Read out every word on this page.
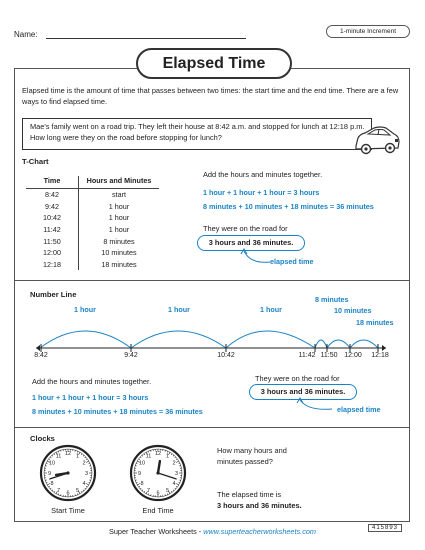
Name:	1-minute Increment
Elapsed Time
Elapsed time is the amount of time that passes between two times: the start time and the end time. There are a few ways to find elapsed time.
Mae's family went on a road trip. They left their house at 8:42 a.m. and stopped for lunch at 12:18 p.m. How long were they on the road before stopping for lunch?
T-Chart
Time	Hours and Minutes
8:42	start
9:42	1 hour
10:42	1 hour
11:42	1 hour
11:50	8 minutes
12:00	10 minutes
12:18	18 minutes
Add the hours and minutes together.
1 hour + 1 hour + 1 hour = 3 hours
8 minutes + 10 minutes + 18 minutes = 36 minutes
They were on the road for
3 hours and 36 minutes.
elapsed time
Number Line
1 hour	1 hour	1 hour
8 minutes
10 minutes
18 minutes
8:42	9:42	10:42	11:42 11:50 12:00	12:18
Add the hours and minutes together.
1 hour + 1 hour + 1 hour = 3 hours
8 minutes + 10 minutes + 18 minutes = 36 minutes
They were on the road for
3 hours and 36 minutes.
elapsed time
Clocks
12 1
2
3
4
5
6
7
8
9
10
11
Start Time
12 1
2
3
4
5
6
7
8
9
10
11
End Time
How many hours and
minutes passed?
The elapsed time is
3 hours and 36 minutes.
Super Teacher Worksheets - www.superteacherworksheets.com	415893
